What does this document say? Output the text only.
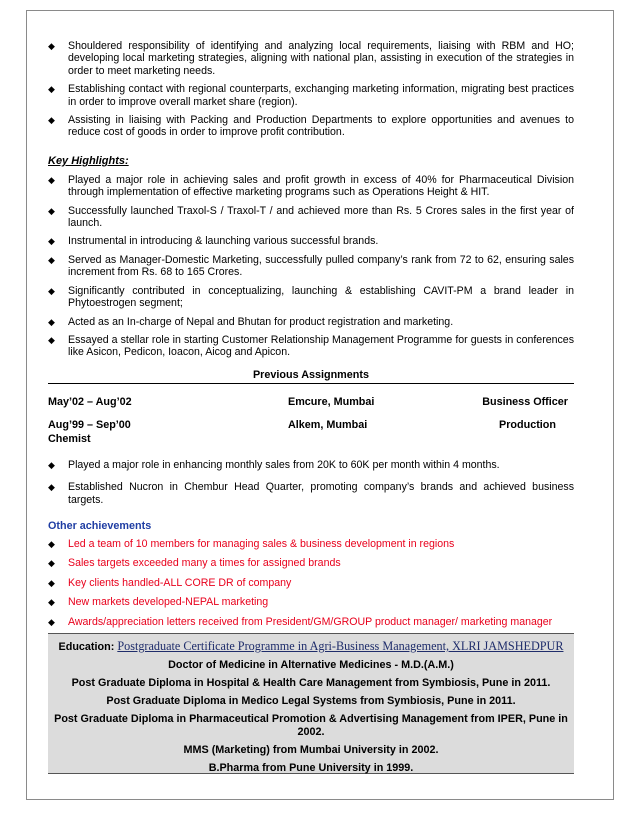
◆ Shouldered responsibility of identifying and analyzing local requirements, liaising with RBM and HO; developing local marketing strategies, aligning with national plan, assisting in execution of the strategies in order to meet marketing needs.
◆ Establishing contact with regional counterparts, exchanging marketing information, migrating best practices in order to improve overall market share (region).
◆ Assisting in liaising with Packing and Production Departments to explore opportunities and avenues to reduce cost of goods in order to improve profit contribution.
Key Highlights:
◆ Played a major role in achieving sales and profit growth in excess of 40% for Pharmaceutical Division through implementation of effective marketing programs such as Operations Height & HIT.
◆ Successfully launched Traxol-S / Traxol-T / and achieved more than Rs. 5 Crores sales in the first year of launch.
◆ Instrumental in introducing & launching various successful brands.
◆ Served as Manager-Domestic Marketing, successfully pulled company’s rank from 72 to 62, ensuring sales increment from Rs. 68 to 165 Crores.
◆ Significantly contributed in conceptualizing, launching & establishing CAVIT-PM a brand leader in Phytoestrogen segment;
◆ Acted as an In-charge of Nepal and Bhutan for product registration and marketing.
◆ Essayed a stellar role in starting Customer Relationship Management Programme for guests in conferences like Asicon, Pedicon, Ioacon, Aicog and Apicon.
Previous Assignments
May’02 – Aug’02	Emcure, Mumbai	Business Officer
Aug’99 – Sep’00	Alkem, Mumbai	Production
Chemist
◆ Played a major role in enhancing monthly sales from 20K to 60K per month within 4 months.
◆ Established Nucron in Chembur Head Quarter, promoting company’s brands and achieved business targets.
Other achievements
◆ Led a team of 10 members for managing sales & business development in regions
◆ Sales targets exceeded many a times for assigned brands
◆ Key clients handled-ALL CORE DR of company
◆ New markets developed-NEPAL marketing
◆ Awards/appreciation letters received from President/GM/GROUP product manager/ marketing manager
Education: Postgraduate Certificate Programme in Agri-Business Management, XLRI JAMSHEDPUR
Doctor of Medicine in Alternative Medicines - M.D.(A.M.)
Post Graduate Diploma in Hospital & Health Care Management from Symbiosis, Pune in 2011.
Post Graduate Diploma in Medico Legal Systems from Symbiosis, Pune in 2011.
Post Graduate Diploma in Pharmaceutical Promotion & Advertising Management from IPER, Pune in 2002.
MMS (Marketing) from Mumbai University in 2002.
B.Pharma from Pune University in 1999.
